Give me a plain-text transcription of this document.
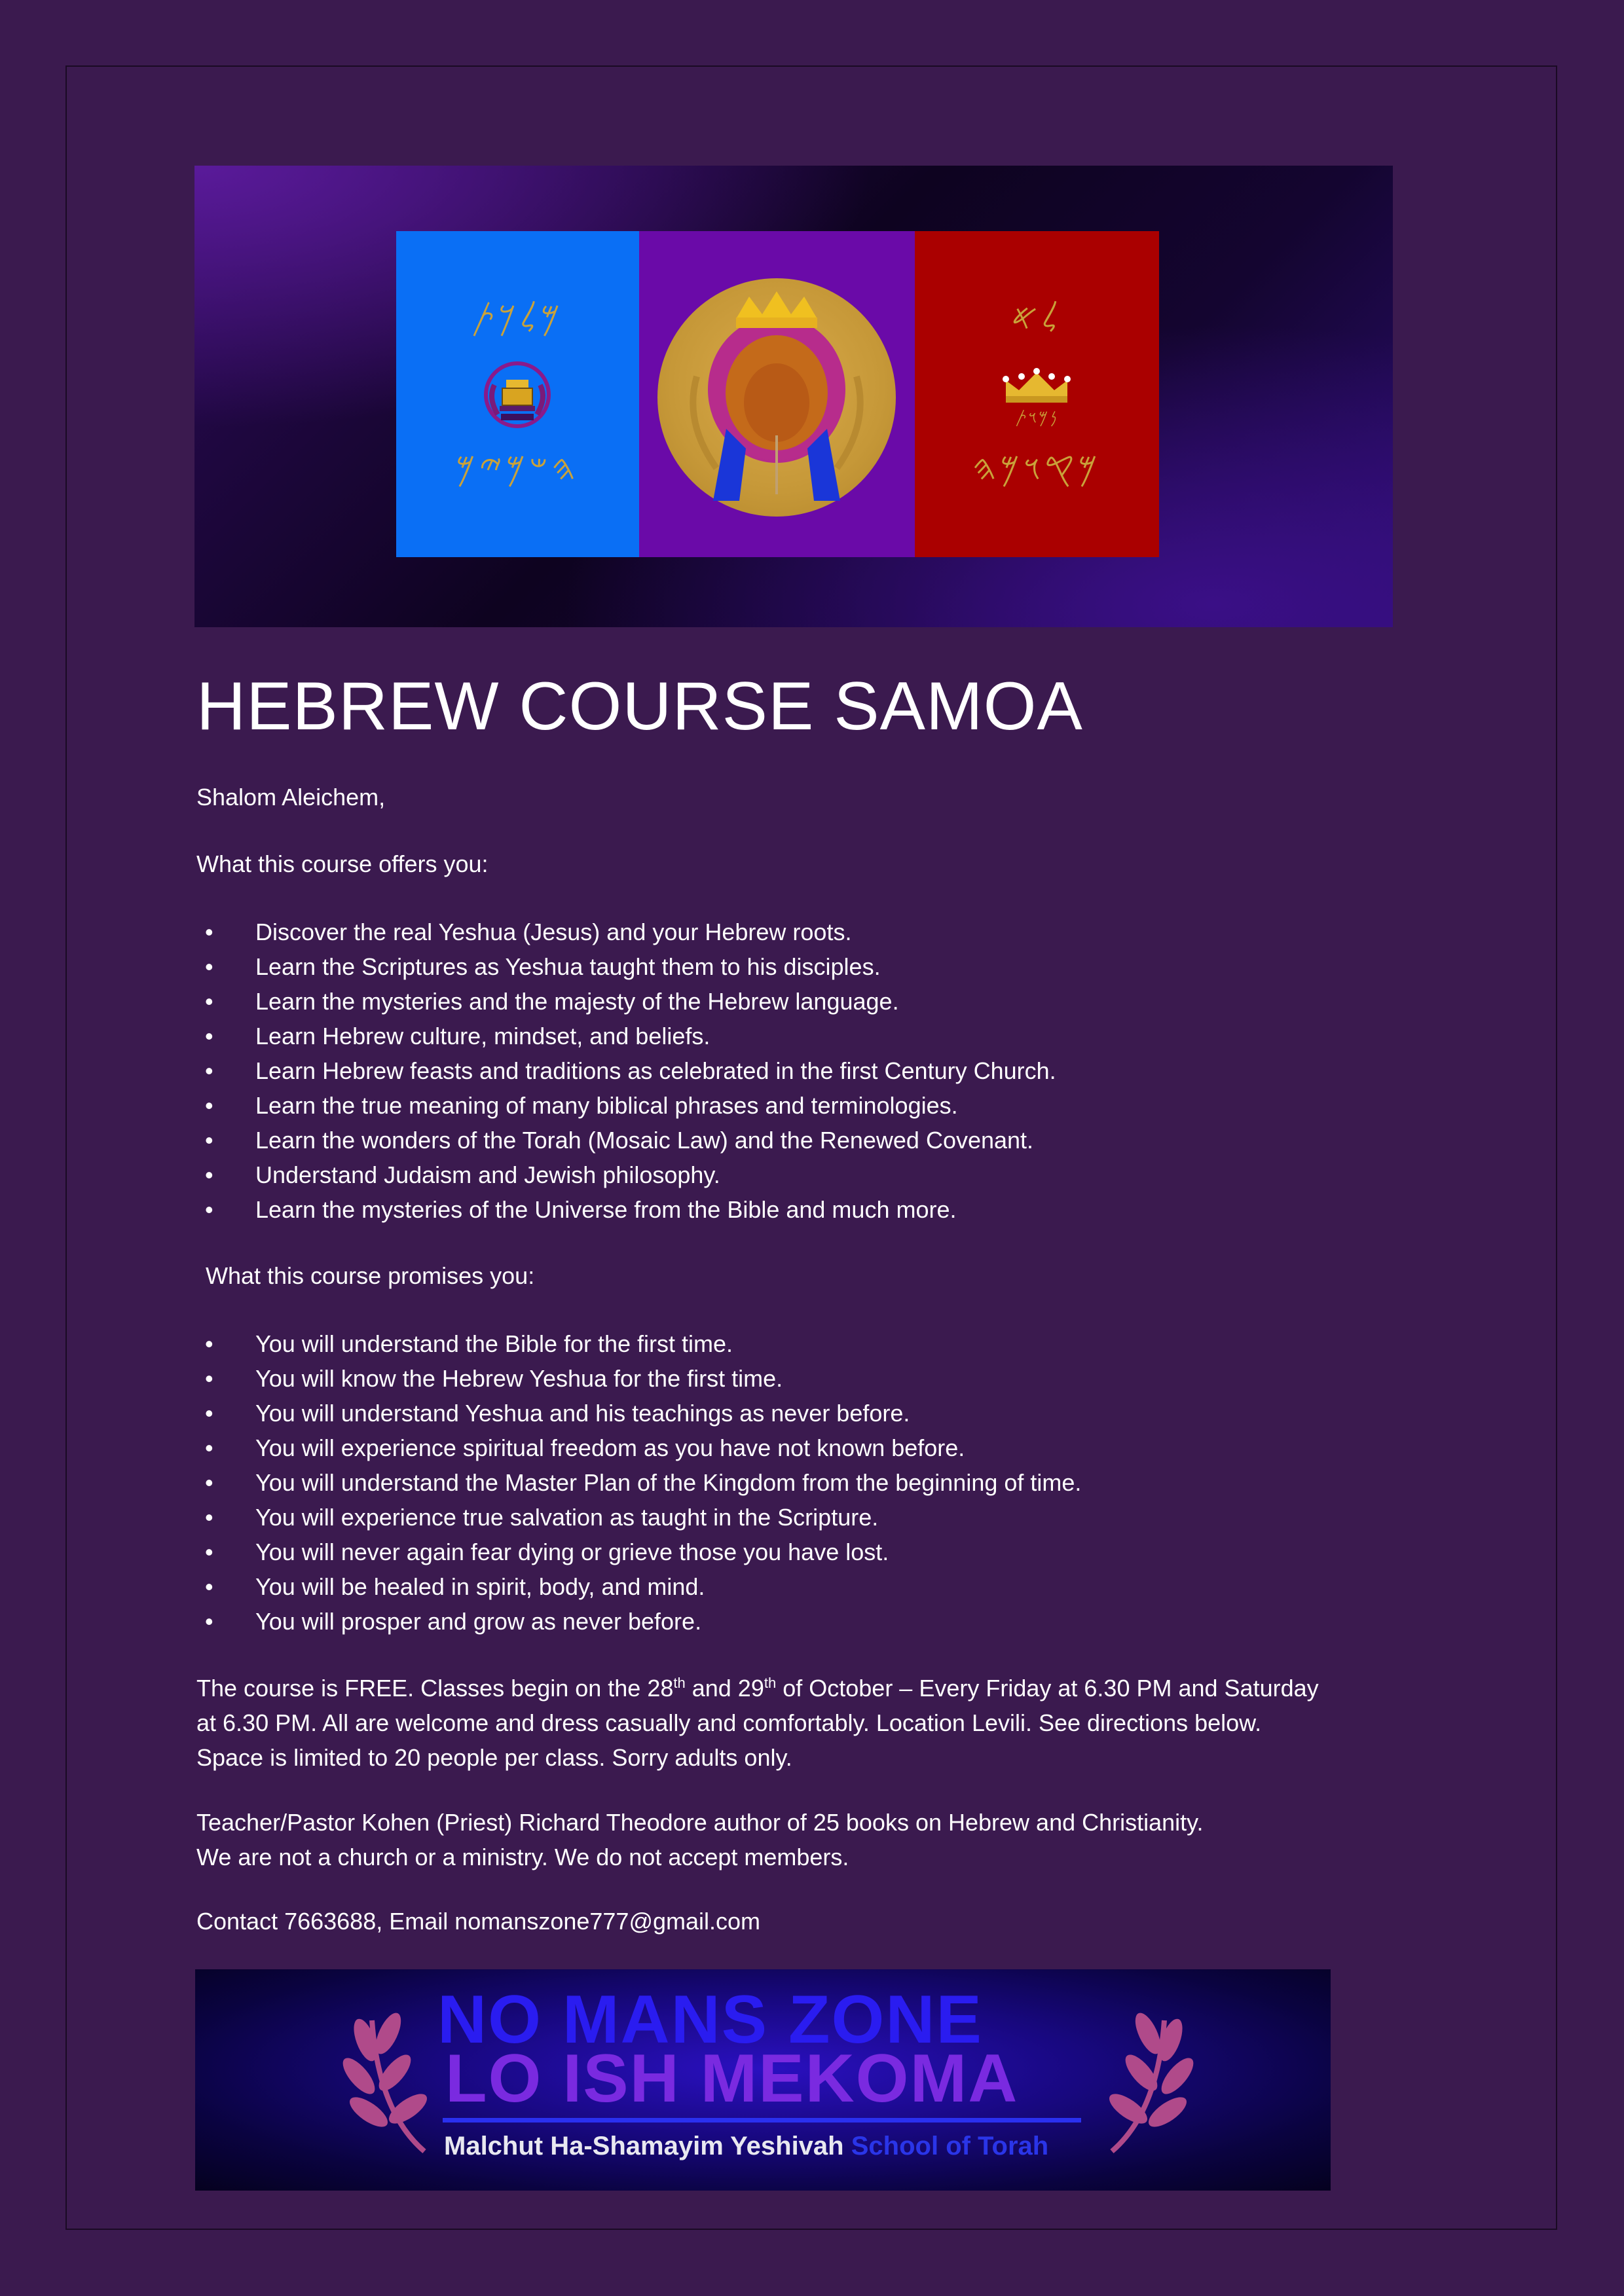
𐤌𐤋𐤊𐤕
𐤄𐤔𐤌𐤉𐤌
𐤋𐤀
𐤍𐤌𐤅𐤕
𐤌𐤒𐤅𐤌𐤄
HEBREW COURSE SAMOA
Shalom Aleichem,
What this course offers you:
• Discover the real Yeshua (Jesus) and your Hebrew roots.
• Learn the Scriptures as Yeshua taught them to his disciples.
• Learn the mysteries and the majesty of the Hebrew language.
• Learn Hebrew culture, mindset, and beliefs.
• Learn Hebrew feasts and traditions as celebrated in the first Century Church.
• Learn the true meaning of many biblical phrases and terminologies.
• Learn the wonders of the Torah (Mosaic Law) and the Renewed Covenant.
• Understand Judaism and Jewish philosophy.
• Learn the mysteries of the Universe from the Bible and much more.
What this course promises you:
• You will understand the Bible for the first time.
• You will know the Hebrew Yeshua for the first time.
• You will understand Yeshua and his teachings as never before.
• You will experience spiritual freedom as you have not known before.
• You will understand the Master Plan of the Kingdom from the beginning of time.
• You will experience true salvation as taught in the Scripture.
• You will never again fear dying or grieve those you have lost.
• You will be healed in spirit, body, and mind.
• You will prosper and grow as never before.
The course is FREE. Classes begin on the 28th and 29th of October – Every Friday at 6.30 PM and Saturday
at 6.30 PM. All are welcome and dress casually and comfortably. Location Levili. See directions below.
Space is limited to 20 people per class. Sorry adults only.
Teacher/Pastor Kohen (Priest) Richard Theodore author of 25 books on Hebrew and Christianity.
We are not a church or a ministry. We do not accept members.
Contact 7663688, Email nomanszone777@gmail.com
NO MANS ZONE
LO ISH MEKOMA
Malchut Ha-Shamayim Yeshivah School of Torah
